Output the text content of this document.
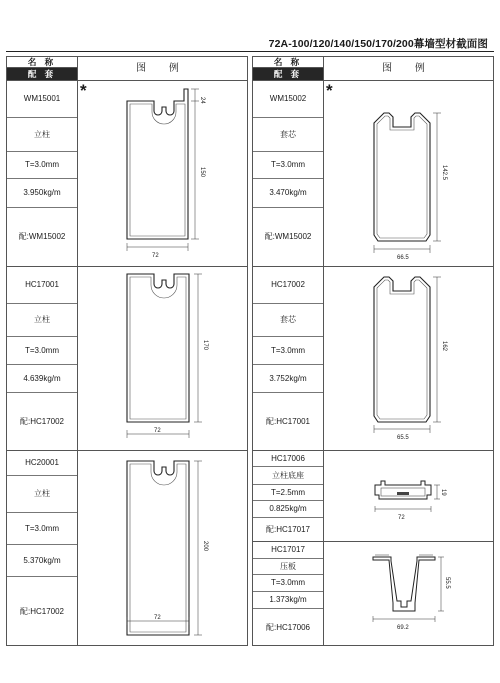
72A-100/120/140/150/170/200幕墙型材截面图
名 称
配 套	图 例
WM15001
立柱
T=3.0mm
3.950kg/m
配:WM15002
*
24
150
72
HC17001
立柱
T=3.0mm
4.639kg/m
配:HC17002
170
72
HC20001
立柱
T=3.0mm
5.370kg/m
配:HC17002
200
72
名 称
配 套	图 例
WM15002
套芯
T=3.0mm
3.470kg/m
配:WM15002
*
142.5
66.5
HC17002
套芯
T=3.0mm
3.752kg/m
配:HC17001
162
65.5
HC17006
立柱底座
T=2.5mm
0.825kg/m
配:HC17017
19
72
HC17017
压板
T=3.0mm
1.373kg/m
配:HC17006
55.5
69.2
